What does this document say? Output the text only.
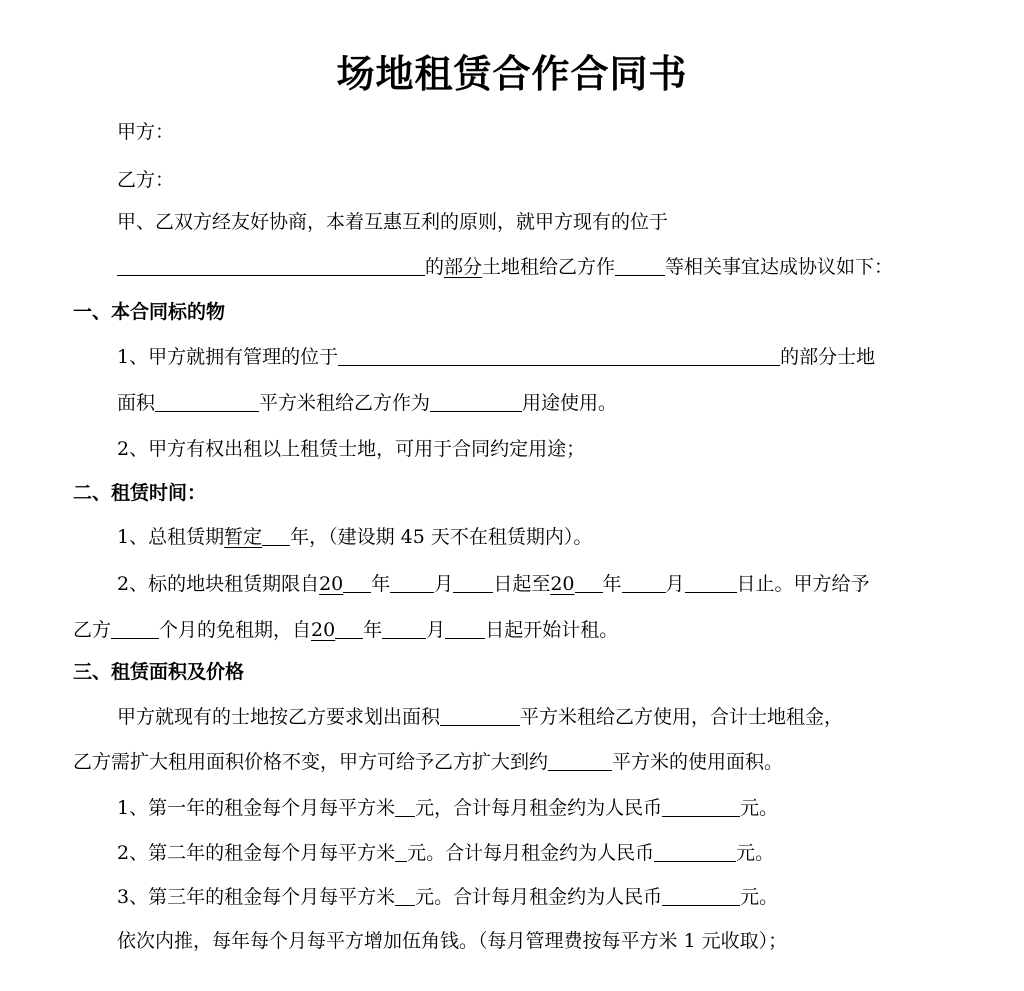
场地租赁合作合同书
甲方：
乙方：
甲、乙双方经友好协商，本着互惠互利的原则，就甲方现有的位于
的部分土地租给乙方作	等相关事宜达成协议如下：
一、本合同标的物
1、甲方就拥有管理的位于	的部分士地
面积	平方米租给乙方作为	用途使用。
2、甲方有权出租以上租赁士地，可用于合同约定用途；
二、租赁时间：
1、总租赁期暂定 年，（建设期 45 天不在租赁期内）。
2、标的地块租赁期限自20 年 月 日起至20 年 月	日止。甲方给予
乙方	个月的免租期，自20 年 月 日起开始计租。
三、租赁面积及价格
甲方就现有的士地按乙方要求划出面积	平方米租给乙方使用，合计士地租金，
乙方需扩大租用面积价格不变，甲方可给予乙方扩大到约	平方米的使用面积。
1、第一年的租金每个月每平方米 元，合计每月租金约为人民币	元。
2、第二年的租金每个月每平方米 元。合计每月租金约为人民币	元。
3、第三年的租金每个月每平方米 元。合计每月租金约为人民币	元。
依次内推，每年每个月每平方增加伍角钱。（每月管理费按每平方米 1 元收取）；
